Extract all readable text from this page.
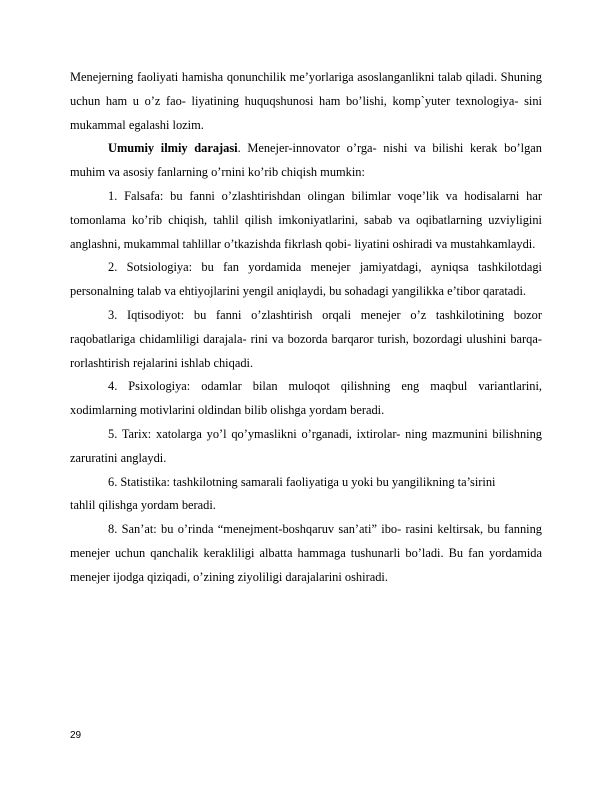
Menejerning faoliyati hamisha qonunchilik me’yorlariga asoslanganlikni talab qiladi. Shuning uchun ham u o’z fao- liyatining huquqshunosi ham bo’lishi, komp`yuter texnologiya- sini mukammal egalashi lozim.

Umumiy ilmiy darajasi. Menejer-innovator o’rga- nishi va bilishi kerak bo’lgan muhim va asosiy fanlarning o’rnini ko’rib chiqish mumkin:

1. Falsafa: bu fanni o’zlashtirishdan olingan bilimlar voqe’lik va hodisalarni har tomonlama ko’rib chiqish, tahlil qilish imkoniyatlarini, sabab va oqibatlarning uzviyligini anglashni, mukammal tahlillar o’tkazishda fikrlash qobi- liyatini oshiradi va mustahkamlaydi.

2. Sotsiologiya: bu fan yordamida menejer jamiyatdagi, ayniqsa tashkilotdagi personalning talab va ehtiyojlarini yengil aniqlaydi, bu sohadagi yangilikka e’tibor qaratadi.

3. Iqtisodiyot: bu fanni o’zlashtirish orqali menejer o’z tashkilotining bozor raqobatlariga chidamliligi darajala- rini va bozorda barqaror turish, bozordagi ulushini barqa- rorlashtirish rejalarini ishlab chiqadi.

4. Psixologiya: odamlar bilan muloqot qilishning eng maqbul variantlarini, xodimlarning motivlarini oldindan bilib olishga yordam beradi.

5. Tarix: xatolarga yo’l qo’ymaslikni o’rganadi, ixtirolar- ning mazmunini bilishning zaruratini anglaydi.

6. Statistika: tashkilotning samarali faoliyatiga u yoki bu yangilikning ta’sirini

tahlil qilishga yordam beradi.

8. San’at: bu o’rinda “menejment-boshqaruv san’ati” ibo- rasini keltirsak, bu fanning menejer uchun qanchalik kerakliligi albatta hammaga tushunarli bo’ladi. Bu fan yordamida menejer ijodga qiziqadi, o’zining ziyoliligi darajalarini oshiradi.

29
